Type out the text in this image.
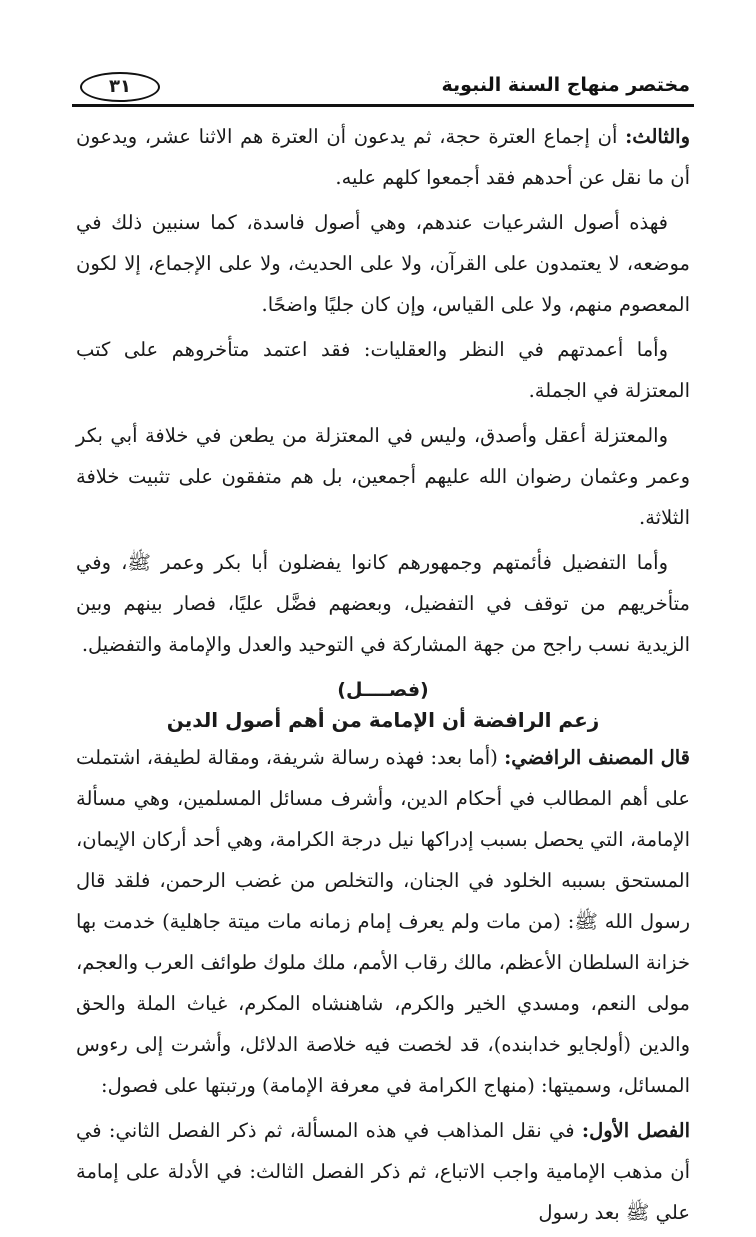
مختصر منهاج السنة النبوية
٣١

والثالث: أن إجماع العترة حجة، ثم يدعون أن العترة هم الاثنا عشر، ويدعون أن ما نقل عن أحدهم فقد أجمعوا كلهم عليه.

فهذه أصول الشرعيات عندهم، وهي أصول فاسدة، كما سنبين ذلك في موضعه، لا يعتمدون على القرآن، ولا على الحديث، ولا على الإجماع، إلا لكون المعصوم منهم، ولا على القياس، وإن كان جليًا واضحًا.

وأما أعمدتهم في النظر والعقليات: فقد اعتمد متأخروهم على كتب المعتزلة في الجملة.

والمعتزلة أعقل وأصدق، وليس في المعتزلة من يطعن في خلافة أبي بكر وعمر وعثمان رضوان الله عليهم أجمعين، بل هم متفقون على تثبيت خلافة الثلاثة.

وأما التفضيل فأئمتهم وجمهورهم كانوا يفضلون أبا بكر وعمر ﷺ، وفي متأخريهم من توقف في التفضيل، وبعضهم فضَّل عليًا، فصار بينهم وبين الزيدية نسب راجح من جهة المشاركة في التوحيد والعدل والإمامة والتفضيل.

(فصــــل)
زعم الرافضة أن الإمامة من أهم أصول الدين

قال المصنف الرافضي: (أما بعد: فهذه رسالة شريفة، ومقالة لطيفة، اشتملت على أهم المطالب في أحكام الدين، وأشرف مسائل المسلمين، وهي مسألة الإمامة، التي يحصل بسبب إدراكها نيل درجة الكرامة، وهي أحد أركان الإيمان، المستحق بسببه الخلود في الجنان، والتخلص من غضب الرحمن، فلقد قال رسول الله ﷺ: (من مات ولم يعرف إمام زمانه مات ميتة جاهلية) خدمت بها خزانة السلطان الأعظم، مالك رقاب الأمم، ملك ملوك طوائف العرب والعجم، مولى النعم، ومسدي الخير والكرم، شاهنشاه المكرم، غياث الملة والحق والدين (أولجايو خدابنده)، قد لخصت فيه خلاصة الدلائل، وأشرت إلى رءوس المسائل، وسميتها: (منهاج الكرامة في معرفة الإمامة) ورتبتها على فصول:

الفصل الأول: في نقل المذاهب في هذه المسألة، ثم ذكر الفصل الثاني: في أن مذهب الإمامية واجب الاتباع، ثم ذكر الفصل الثالث: في الأدلة على إمامة علي ﷺ بعد رسول
